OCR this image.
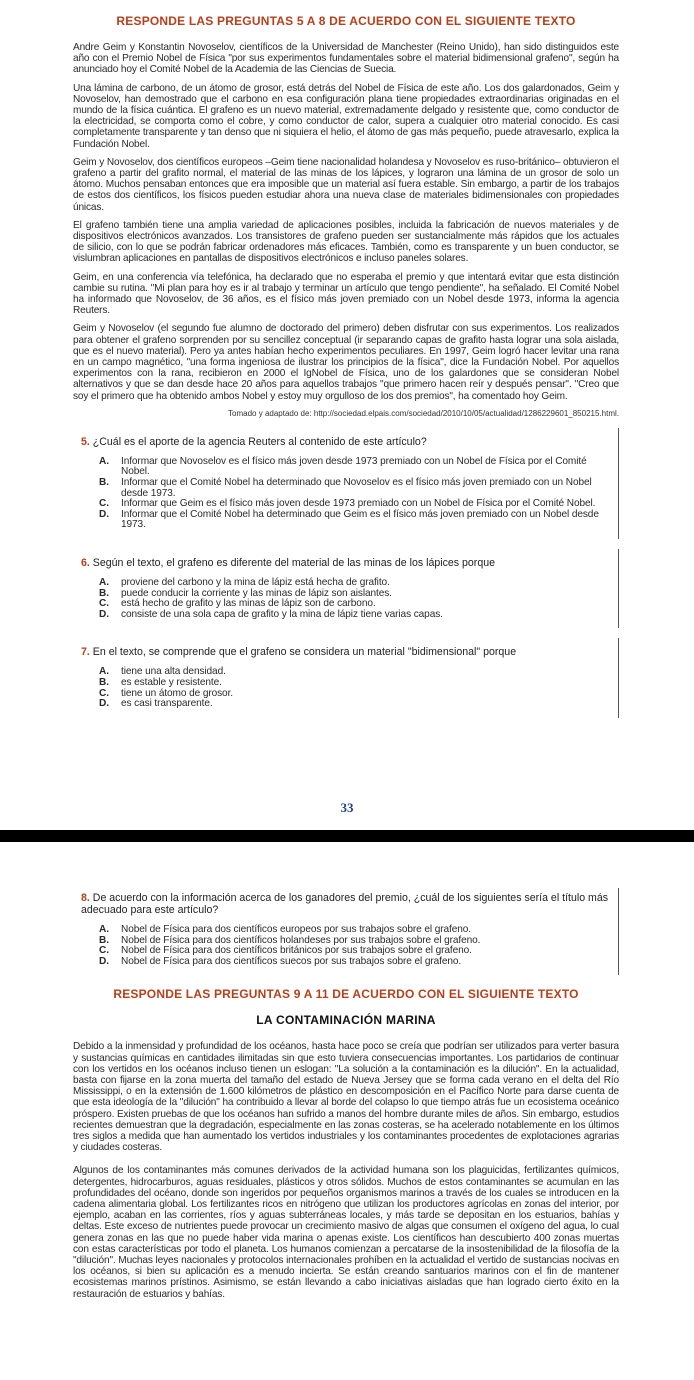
RESPONDE LAS PREGUNTAS 5 A 8 DE ACUERDO CON EL SIGUIENTE TEXTO

Andre Geim y Konstantin Novoselov, científicos de la Universidad de Manchester (Reino Unido), han sido distinguidos este año con el Premio Nobel de Física "por sus experimentos fundamentales sobre el material bidimensional grafeno", según ha anunciado hoy el Comité Nobel de la Academia de las Ciencias de Suecia.

Una lámina de carbono, de un átomo de grosor, está detrás del Nobel de Física de este año. Los dos galardonados, Geim y Novoselov, han demostrado que el carbono en esa configuración plana tiene propiedades extraordinarias originadas en el mundo de la física cuántica. El grafeno es un nuevo material, extremadamente delgado y resistente que, como conductor de la electricidad, se comporta como el cobre, y como conductor de calor, supera a cualquier otro material conocido. Es casi completamente transparente y tan denso que ni siquiera el helio, el átomo de gas más pequeño, puede atravesarlo, explica la Fundación Nobel.

Geim y Novoselov, dos científicos europeos –Geim tiene nacionalidad holandesa y Novoselov es ruso-británico– obtuvieron el grafeno a partir del grafito normal, el material de las minas de los lápices, y lograron una lámina de un grosor de solo un átomo. Muchos pensaban entonces que era imposible que un material así fuera estable. Sin embargo, a partir de los trabajos de estos dos científicos, los físicos pueden estudiar ahora una nueva clase de materiales bidimensionales con propiedades únicas.

El grafeno también tiene una amplia variedad de aplicaciones posibles, incluida la fabricación de nuevos materiales y de dispositivos electrónicos avanzados. Los transistores de grafeno pueden ser sustancialmente más rápidos que los actuales de silicio, con lo que se podrán fabricar ordenadores más eficaces. También, como es transparente y un buen conductor, se vislumbran aplicaciones en pantallas de dispositivos electrónicos e incluso paneles solares.

Geim, en una conferencia vía telefónica, ha declarado que no esperaba el premio y que intentará evitar que esta distinción cambie su rutina. "Mi plan para hoy es ir al trabajo y terminar un artículo que tengo pendiente", ha señalado. El Comité Nobel ha informado que Novoselov, de 36 años, es el físico más joven premiado con un Nobel desde 1973, informa la agencia Reuters.

Geim y Novoselov (el segundo fue alumno de doctorado del primero) deben disfrutar con sus experimentos. Los realizados para obtener el grafeno sorprenden por su sencillez conceptual (ir separando capas de grafito hasta lograr una sola aislada, que es el nuevo material). Pero ya antes habían hecho experimentos peculiares. En 1997, Geim logró hacer levitar una rana en un campo magnético, "una forma ingeniosa de ilustrar los principios de la física", dice la Fundación Nobel. Por aquellos experimentos con la rana, recibieron en 2000 el IgNobel de Física, uno de los galardones que se consideran Nobel alternativos y que se dan desde hace 20 años para aquellos trabajos "que primero hacen reír y después pensar". "Creo que soy el primero que ha obtenido ambos Nobel y estoy muy orgulloso de los dos premios", ha comentado hoy Geim.

Tomado y adaptado de: http://sociedad.elpais.com/sociedad/2010/10/05/actualidad/1286229601_850215.html.

5. ¿Cuál es el aporte de la agencia Reuters al contenido de este artículo?

A.	Informar que Novoselov es el físico más joven desde 1973 premiado con un Nobel de Física por el Comité Nobel.
B.	Informar que el Comité Nobel ha determinado que Novoselov es el físico más joven premiado con un Nobel desde 1973.
C.	Informar que Geim es el físico más joven desde 1973 premiado con un Nobel de Física por el Comité Nobel.
D.	Informar que el Comité Nobel ha determinado que Geim es el físico más joven premiado con un Nobel desde 1973.

6. Según el texto, el grafeno es diferente del material de las minas de los lápices porque

A.	proviene del carbono y la mina de lápiz está hecha de grafito.
B.	puede conducir la corriente y las minas de lápiz son aislantes.
C.	está hecho de grafito y las minas de lápiz son de carbono.
D.	consiste de una sola capa de grafito y la mina de lápiz tiene varias capas.

7. En el texto, se comprende que el grafeno se considera un material "bidimensional" porque

A.	tiene una alta densidad.
B.	es estable y resistente.
C.	tiene un átomo de grosor.
D.	es casi transparente.
33

8. De acuerdo con la información acerca de los ganadores del premio, ¿cuál de los siguientes sería el título más adecuado para este artículo?

A.	Nobel de Física para dos científicos europeos por sus trabajos sobre el grafeno.
B.	Nobel de Física para dos científicos holandeses por sus trabajos sobre el grafeno.
C.	Nobel de Física para dos científicos británicos por sus trabajos sobre el grafeno.
D.	Nobel de Física para dos científicos suecos por sus trabajos sobre el grafeno.
RESPONDE LAS PREGUNTAS 9 A 11 DE ACUERDO CON EL SIGUIENTE TEXTO
LA CONTAMINACIÓN MARINA

Debido a la inmensidad y profundidad de los océanos, hasta hace poco se creía que podrían ser utilizados para verter basura y sustancias químicas en cantidades ilimitadas sin que esto tuviera consecuencias importantes. Los partidarios de continuar con los vertidos en los océanos incluso tienen un eslogan: "La solución a la contaminación es la dilución". En la actualidad, basta con fijarse en la zona muerta del tamaño del estado de Nueva Jersey que se forma cada verano en el delta del Río Mississippi, o en la extensión de 1.600 kilómetros de plástico en descomposición en el Pacífico Norte para darse cuenta de que esta ideología de la "dilución" ha contribuido a llevar al borde del colapso lo que tiempo atrás fue un ecosistema oceánico próspero. Existen pruebas de que los océanos han sufrido a manos del hombre durante miles de años. Sin embargo, estudios recientes demuestran que la degradación, especialmente en las zonas costeras, se ha acelerado notablemente en los últimos tres siglos a medida que han aumentado los vertidos industriales y los contaminantes procedentes de explotaciones agrarias y ciudades costeras.

Algunos de los contaminantes más comunes derivados de la actividad humana son los plaguicidas, fertilizantes químicos, detergentes, hidrocarburos, aguas residuales, plásticos y otros sólidos. Muchos de estos contaminantes se acumulan en las profundidades del océano, donde son ingeridos por pequeños organismos marinos a través de los cuales se introducen en la cadena alimentaria global. Los fertilizantes ricos en nitrógeno que utilizan los productores agrícolas en zonas del interior, por ejemplo, acaban en las corrientes, ríos y aguas subterráneas locales, y más tarde se depositan en los estuarios, bahías y deltas. Este exceso de nutrientes puede provocar un crecimiento masivo de algas que consumen el oxígeno del agua, lo cual genera zonas en las que no puede haber vida marina o apenas existe. Los científicos han descubierto 400 zonas muertas con estas características por todo el planeta. Los humanos comienzan a percatarse de la insostenibilidad de la filosofía de la "dilución". Muchas leyes nacionales y protocolos internacionales prohíben en la actualidad el vertido de sustancias nocivas en los océanos, si bien su aplicación es a menudo incierta. Se están creando santuarios marinos con el fin de mantener ecosistemas marinos prístinos. Asimismo, se están llevando a cabo iniciativas aisladas que han logrado cierto éxito en la restauración de estuarios y bahías.
